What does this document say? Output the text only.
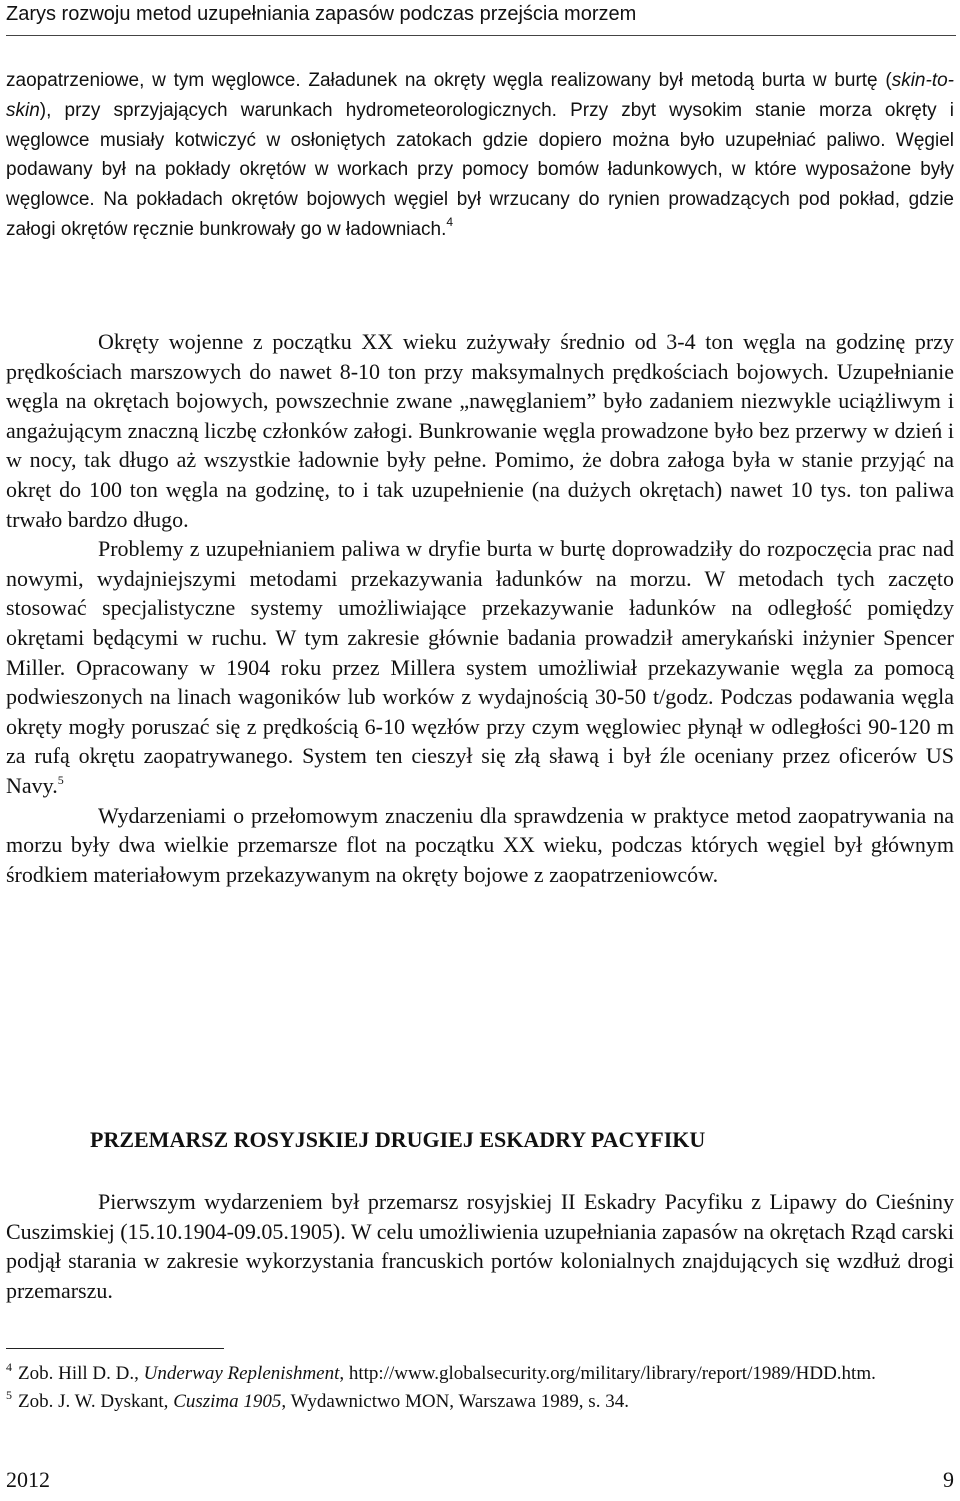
Zarys rozwoju metod uzupełniania zapasów podczas przejścia morzem

zaopatrzeniowe, w tym węglowce. Załadunek na okręty węgla realizowany był metodą burta w burtę (skin-to-skin), przy sprzyjających warunkach hydrometeorologicznych. Przy zbyt wysokim stanie morza okręty i węglowce musiały kotwiczyć w osłoniętych zatokach gdzie dopiero można było uzupełniać paliwo. Węgiel podawany był na pokłady okrętów w workach przy pomocy bomów ładunkowych, w które wyposażone były węglowce. Na pokładach okrętów bojowych węgiel był wrzucany do rynien prowadzących pod pokład, gdzie załogi okrętów ręcznie bunkrowały go w ładowniach.$^4$

Okręty wojenne z początku XX wieku zużywały średnio od 3-4 ton węgla na godzinę przy prędkościach marszowych do nawet 8-10 ton przy maksymalnych prędkościach bojowych. Uzupełnianie węgla na okrętach bojowych, powszechnie zwane „nawęglaniem” było zadaniem niezwykle uciążliwym i angażującym znaczną liczbę członków załogi. Bunkrowanie węgla prowadzone było bez przerwy w dzień i w nocy, tak długo aż wszystkie ładownie były pełne. Pomimo, że dobra załoga była w stanie przyjąć na okręt do 100 ton węgla na godzinę, to i tak uzupełnienie (na dużych okrętach) nawet 10 tys. ton paliwa trwało bardzo długo.

Problemy z uzupełnianiem paliwa w dryfie burta w burtę doprowadziły do rozpoczęcia prac nad nowymi, wydajniejszymi metodami przekazywania ładunków na morzu. W metodach tych zaczęto stosować specjalistyczne systemy umożliwiające przekazywanie ładunków na odległość pomiędzy okrętami będącymi w ruchu. W tym zakresie głównie badania prowadził amerykański inżynier Spencer Miller. Opracowany w 1904 roku przez Millera system umożliwiał przekazywanie węgla za pomocą podwieszonych na linach wagoników lub worków z wydajnością 30-50 t/godz. Podczas podawania węgla okręty mogły poruszać się z prędkością 6-10 węzłów przy czym węglowiec płynął w odległości 90-120 m za rufą okrętu zaopatrywanego. System ten cieszył się złą sławą i był źle oceniany przez oficerów US Navy.$^5$

Wydarzeniami o przełomowym znaczeniu dla sprawdzenia w praktyce metod zaopatrywania na morzu były dwa wielkie przemarsze flot na początku XX wieku, podczas których węgiel był głównym środkiem materiałowym przekazywanym na okręty bojowe z zaopatrzeniowców.

PRZEMARSZ ROSYJSKIEJ DRUGIEJ ESKADRY PACYFIKU

Pierwszym wydarzeniem był przemarsz rosyjskiej II Eskadry Pacyfiku z Lipawy do Cieśniny Cuszimskiej (15.10.1904-09.05.1905). W celu umożliwienia uzupełniania zapasów na okrętach Rząd carski podjął starania w zakresie wykorzystania francuskich portów kolonialnych znajdujących się wzdłuż drogi przemarszu.

$^4$ Zob. Hill D. D., Underway Replenishment, http://www.globalsecurity.org/military/library/report/1989/HDD.htm.

$^5$ Zob. J. W. Dyskant, Cuszima 1905, Wydawnictwo MON, Warszawa 1989, s. 34.

2012	9
